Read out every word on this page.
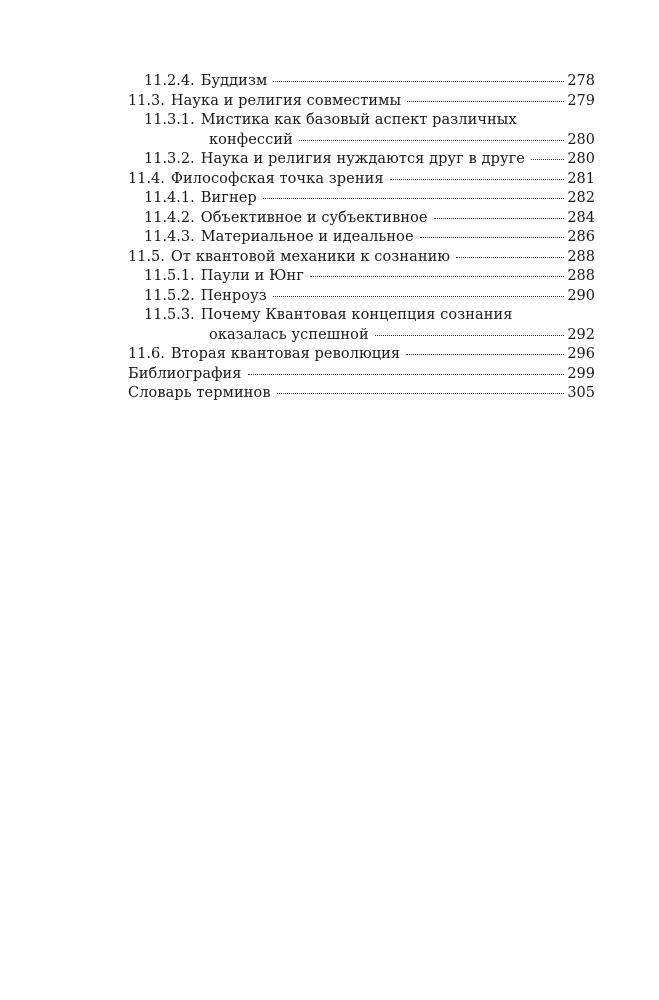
11.2.4. Буддизм	278
11.3. Наука и религия совместимы	279
11.3.1. Мистика как базовый аспект различных
конфессий	280
11.3.2. Наука и религия нуждаются друг в друге	280
11.4. Философская точка зрения	281
11.4.1. Вигнер	282
11.4.2. Объективное и субъективное	284
11.4.3. Материальное и идеальное	286
11.5. От квантовой механики к сознанию	288
11.5.1. Паули и Юнг	288
11.5.2. Пенроуз	290
11.5.3. Почему Квантовая концепция сознания
оказалась успешной	292
11.6. Вторая квантовая революция	296
Библиография	299
Словарь терминов	305
